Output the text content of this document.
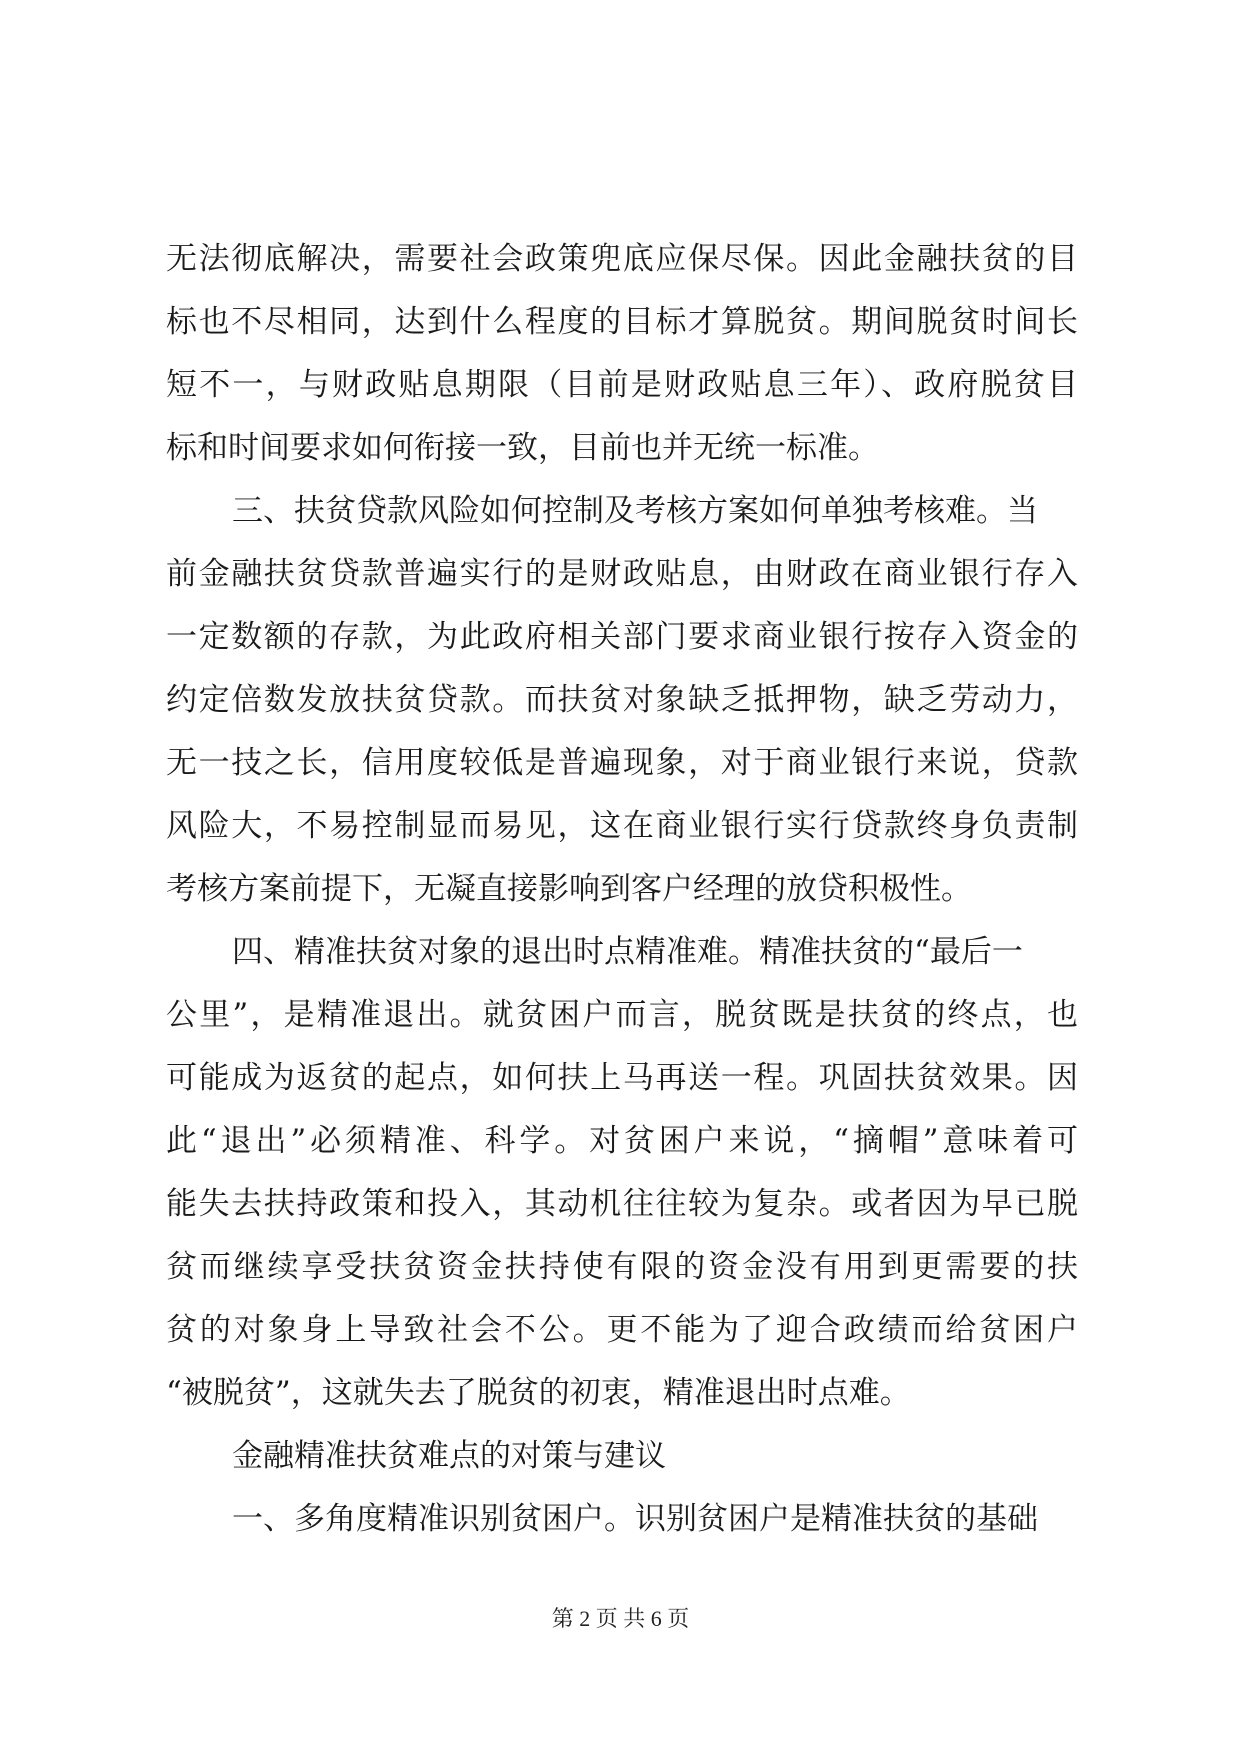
无法彻底解决，需要社会政策兜底应保尽保。因此金融扶贫的目
标也不尽相同，达到什么程度的目标才算脱贫。期间脱贫时间长
短不一，与财政贴息期限（目前是财政贴息三年）、政府脱贫目
标和时间要求如何衔接一致，目前也并无统一标准。
三、扶贫贷款风险如何控制及考核方案如何单独考核难。当
前金融扶贫贷款普遍实行的是财政贴息，由财政在商业银行存入
一定数额的存款，为此政府相关部门要求商业银行按存入资金的
约定倍数发放扶贫贷款。而扶贫对象缺乏抵押物，缺乏劳动力，
无一技之长，信用度较低是普遍现象，对于商业银行来说，贷款
风险大，不易控制显而易见，这在商业银行实行贷款终身负责制
考核方案前提下，无凝直接影响到客户经理的放贷积极性。
四、精准扶贫对象的退出时点精准难。精准扶贫的“最后一
公里”，是精准退出。就贫困户而言，脱贫既是扶贫的终点，也
可能成为返贫的起点，如何扶上马再送一程。巩固扶贫效果。因
此“退出”必须精准、科学。对贫困户来说，“摘帽”意味着可
能失去扶持政策和投入，其动机往往较为复杂。或者因为早已脱
贫而继续享受扶贫资金扶持使有限的资金没有用到更需要的扶
贫的对象身上导致社会不公。更不能为了迎合政绩而给贫困户
“被脱贫”，这就失去了脱贫的初衷，精准退出时点难。
金融精准扶贫难点的对策与建议
一、多角度精准识别贫困户。识别贫困户是精准扶贫的基础
第 2 页 共 6 页
